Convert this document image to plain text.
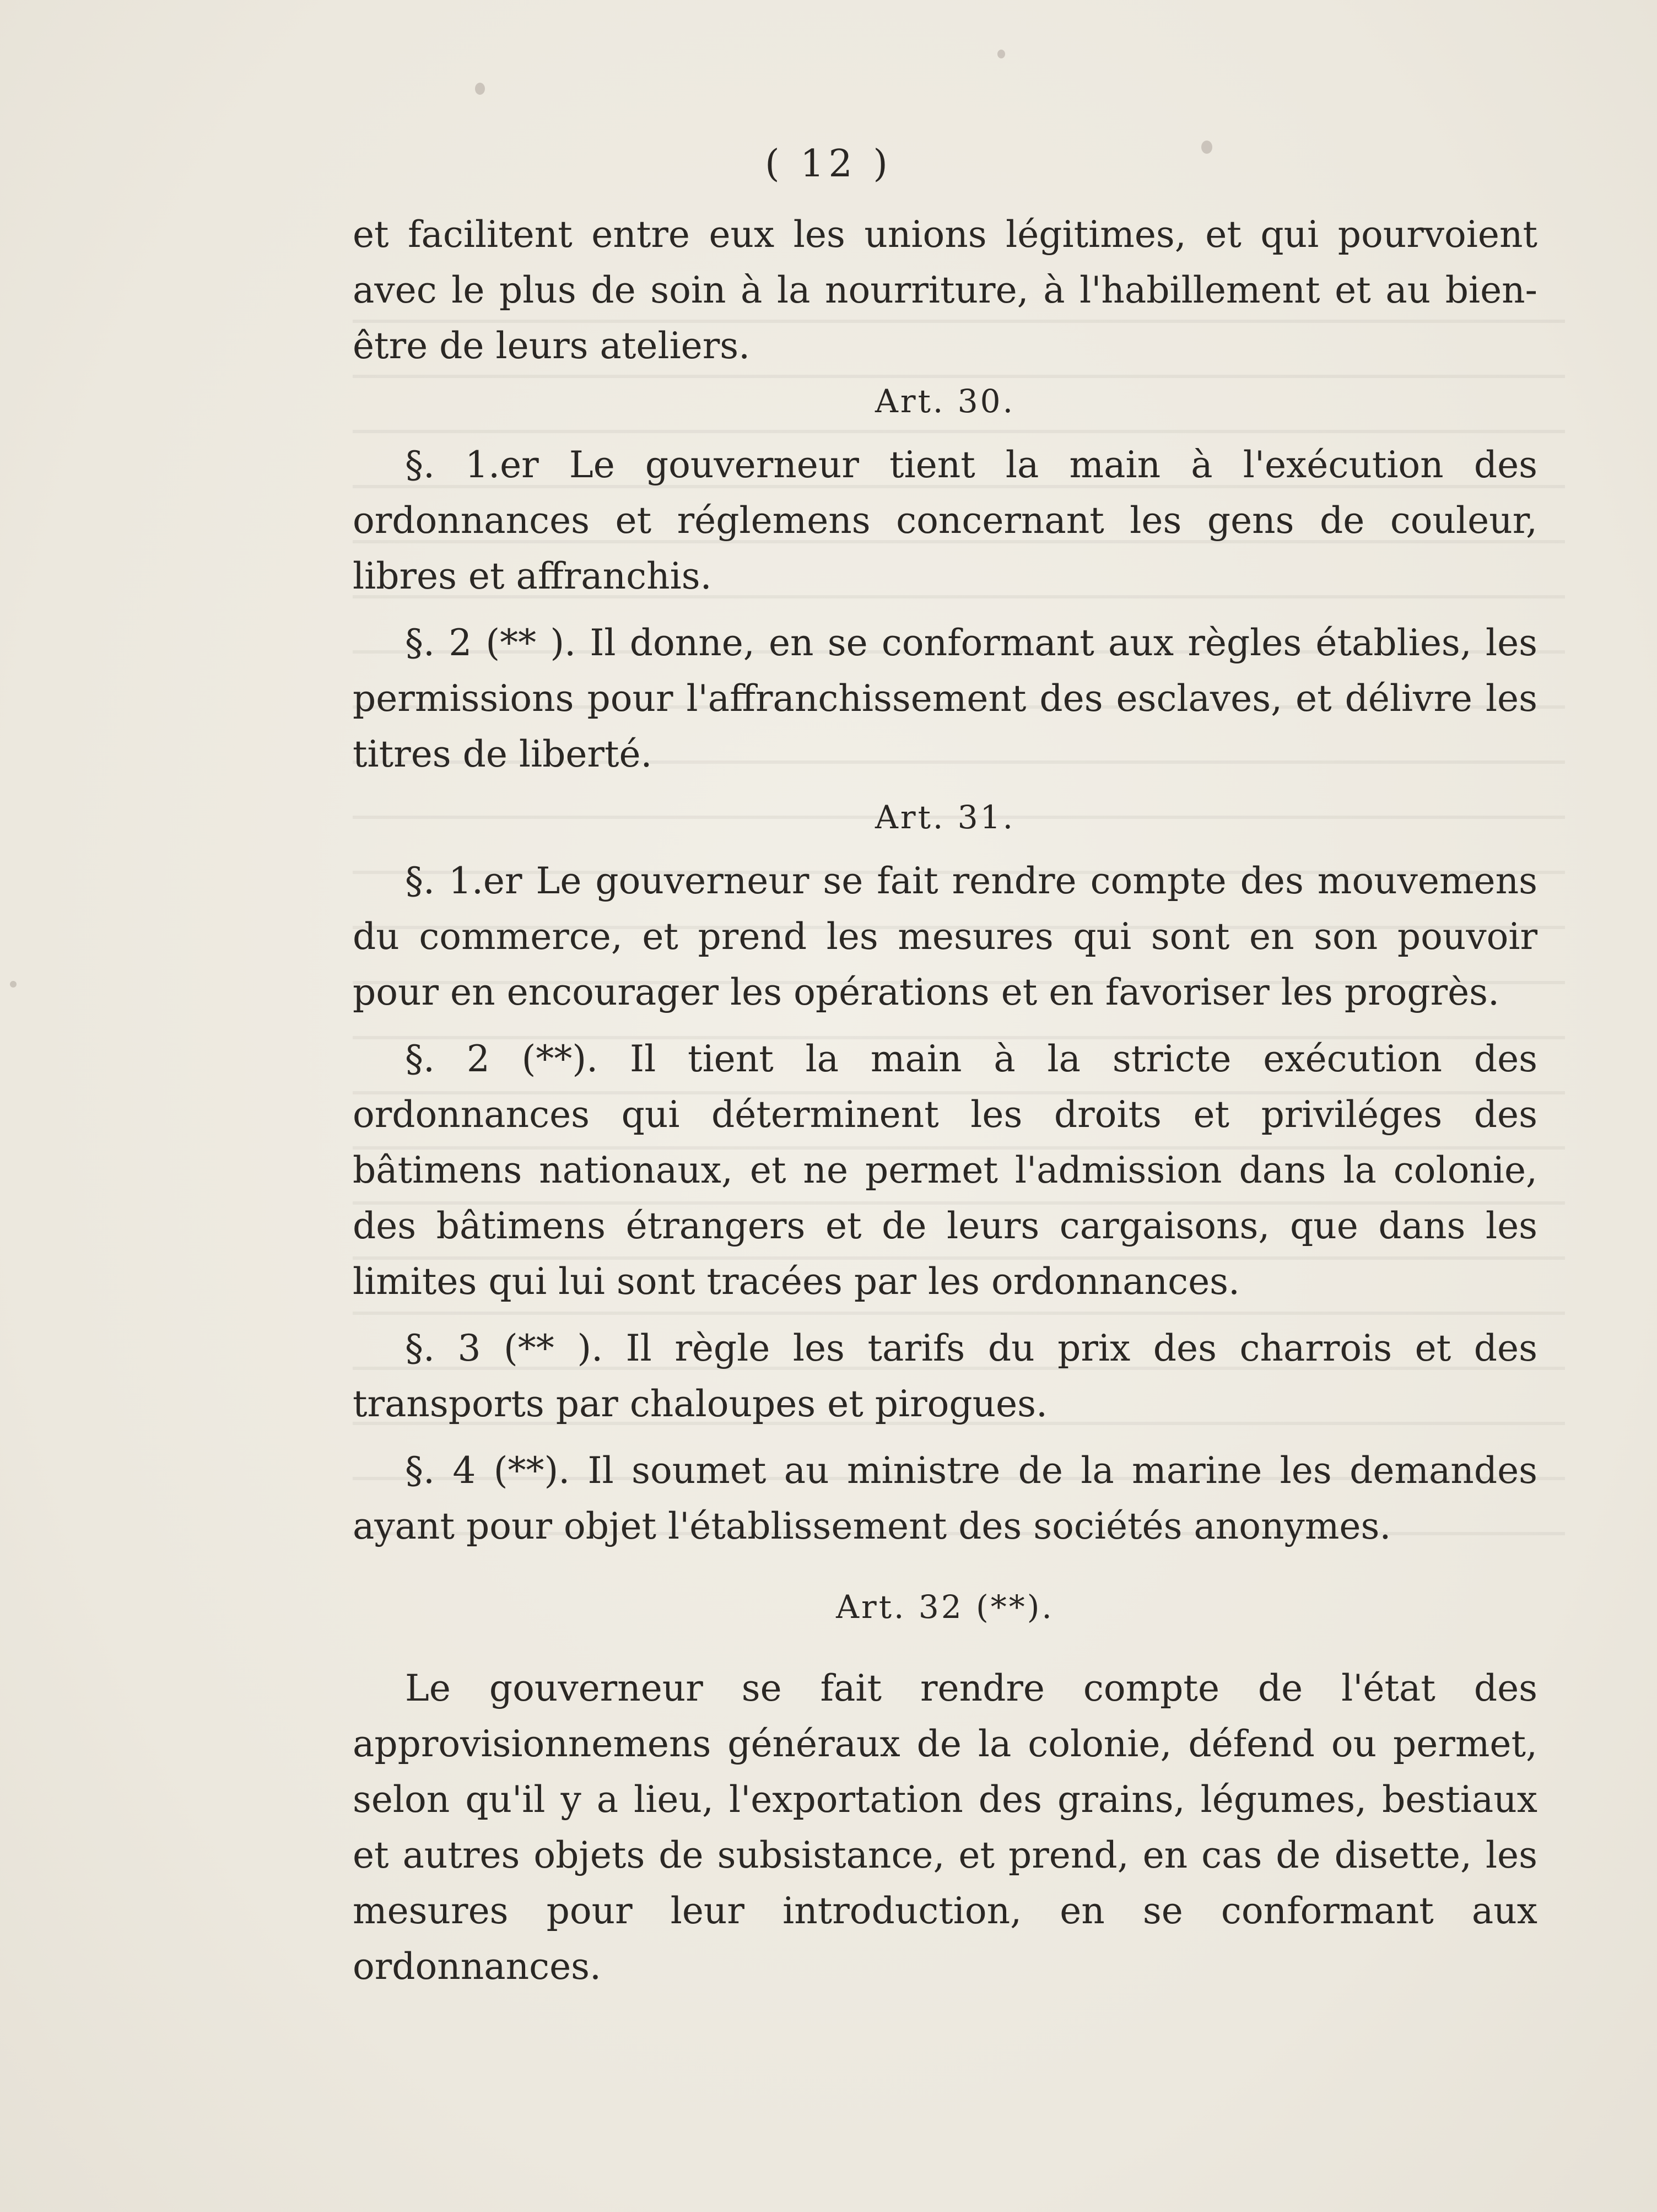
( 12 )

et facilitent entre eux les unions légitimes, et qui pourvoient avec le plus de soin à la nourriture, à l'habillement et au bien-être de leurs ateliers.

Art. 30.

§. 1.er Le gouverneur tient la main à l'exécution des ordonnances et réglemens concernant les gens de couleur, libres et affranchis.

§. 2 (** ). Il donne, en se conformant aux règles établies, les permissions pour l'affranchissement des esclaves, et délivre les titres de liberté.

Art. 31.

§. 1.er Le gouverneur se fait rendre compte des mouvemens du commerce, et prend les mesures qui sont en son pouvoir pour en encourager les opérations et en favoriser les progrès.

§. 2 (**). Il tient la main à la stricte exécution des ordonnances qui déterminent les droits et priviléges des bâtimens nationaux, et ne permet l'admission dans la colonie, des bâtimens étrangers et de leurs cargaisons, que dans les limites qui lui sont tracées par les ordonnances.

§. 3 (** ). Il règle les tarifs du prix des charrois et des transports par chaloupes et pirogues.

§. 4 (**). Il soumet au ministre de la marine les demandes ayant pour objet l'établissement des sociétés anonymes.

Art. 32 (**).

Le gouverneur se fait rendre compte de l'état des approvisionnemens généraux de la colonie, défend ou permet, selon qu'il y a lieu, l'exportation des grains, légumes, bestiaux et autres objets de subsistance, et prend, en cas de disette, les mesures pour leur introduction, en se conformant aux ordonnances.
